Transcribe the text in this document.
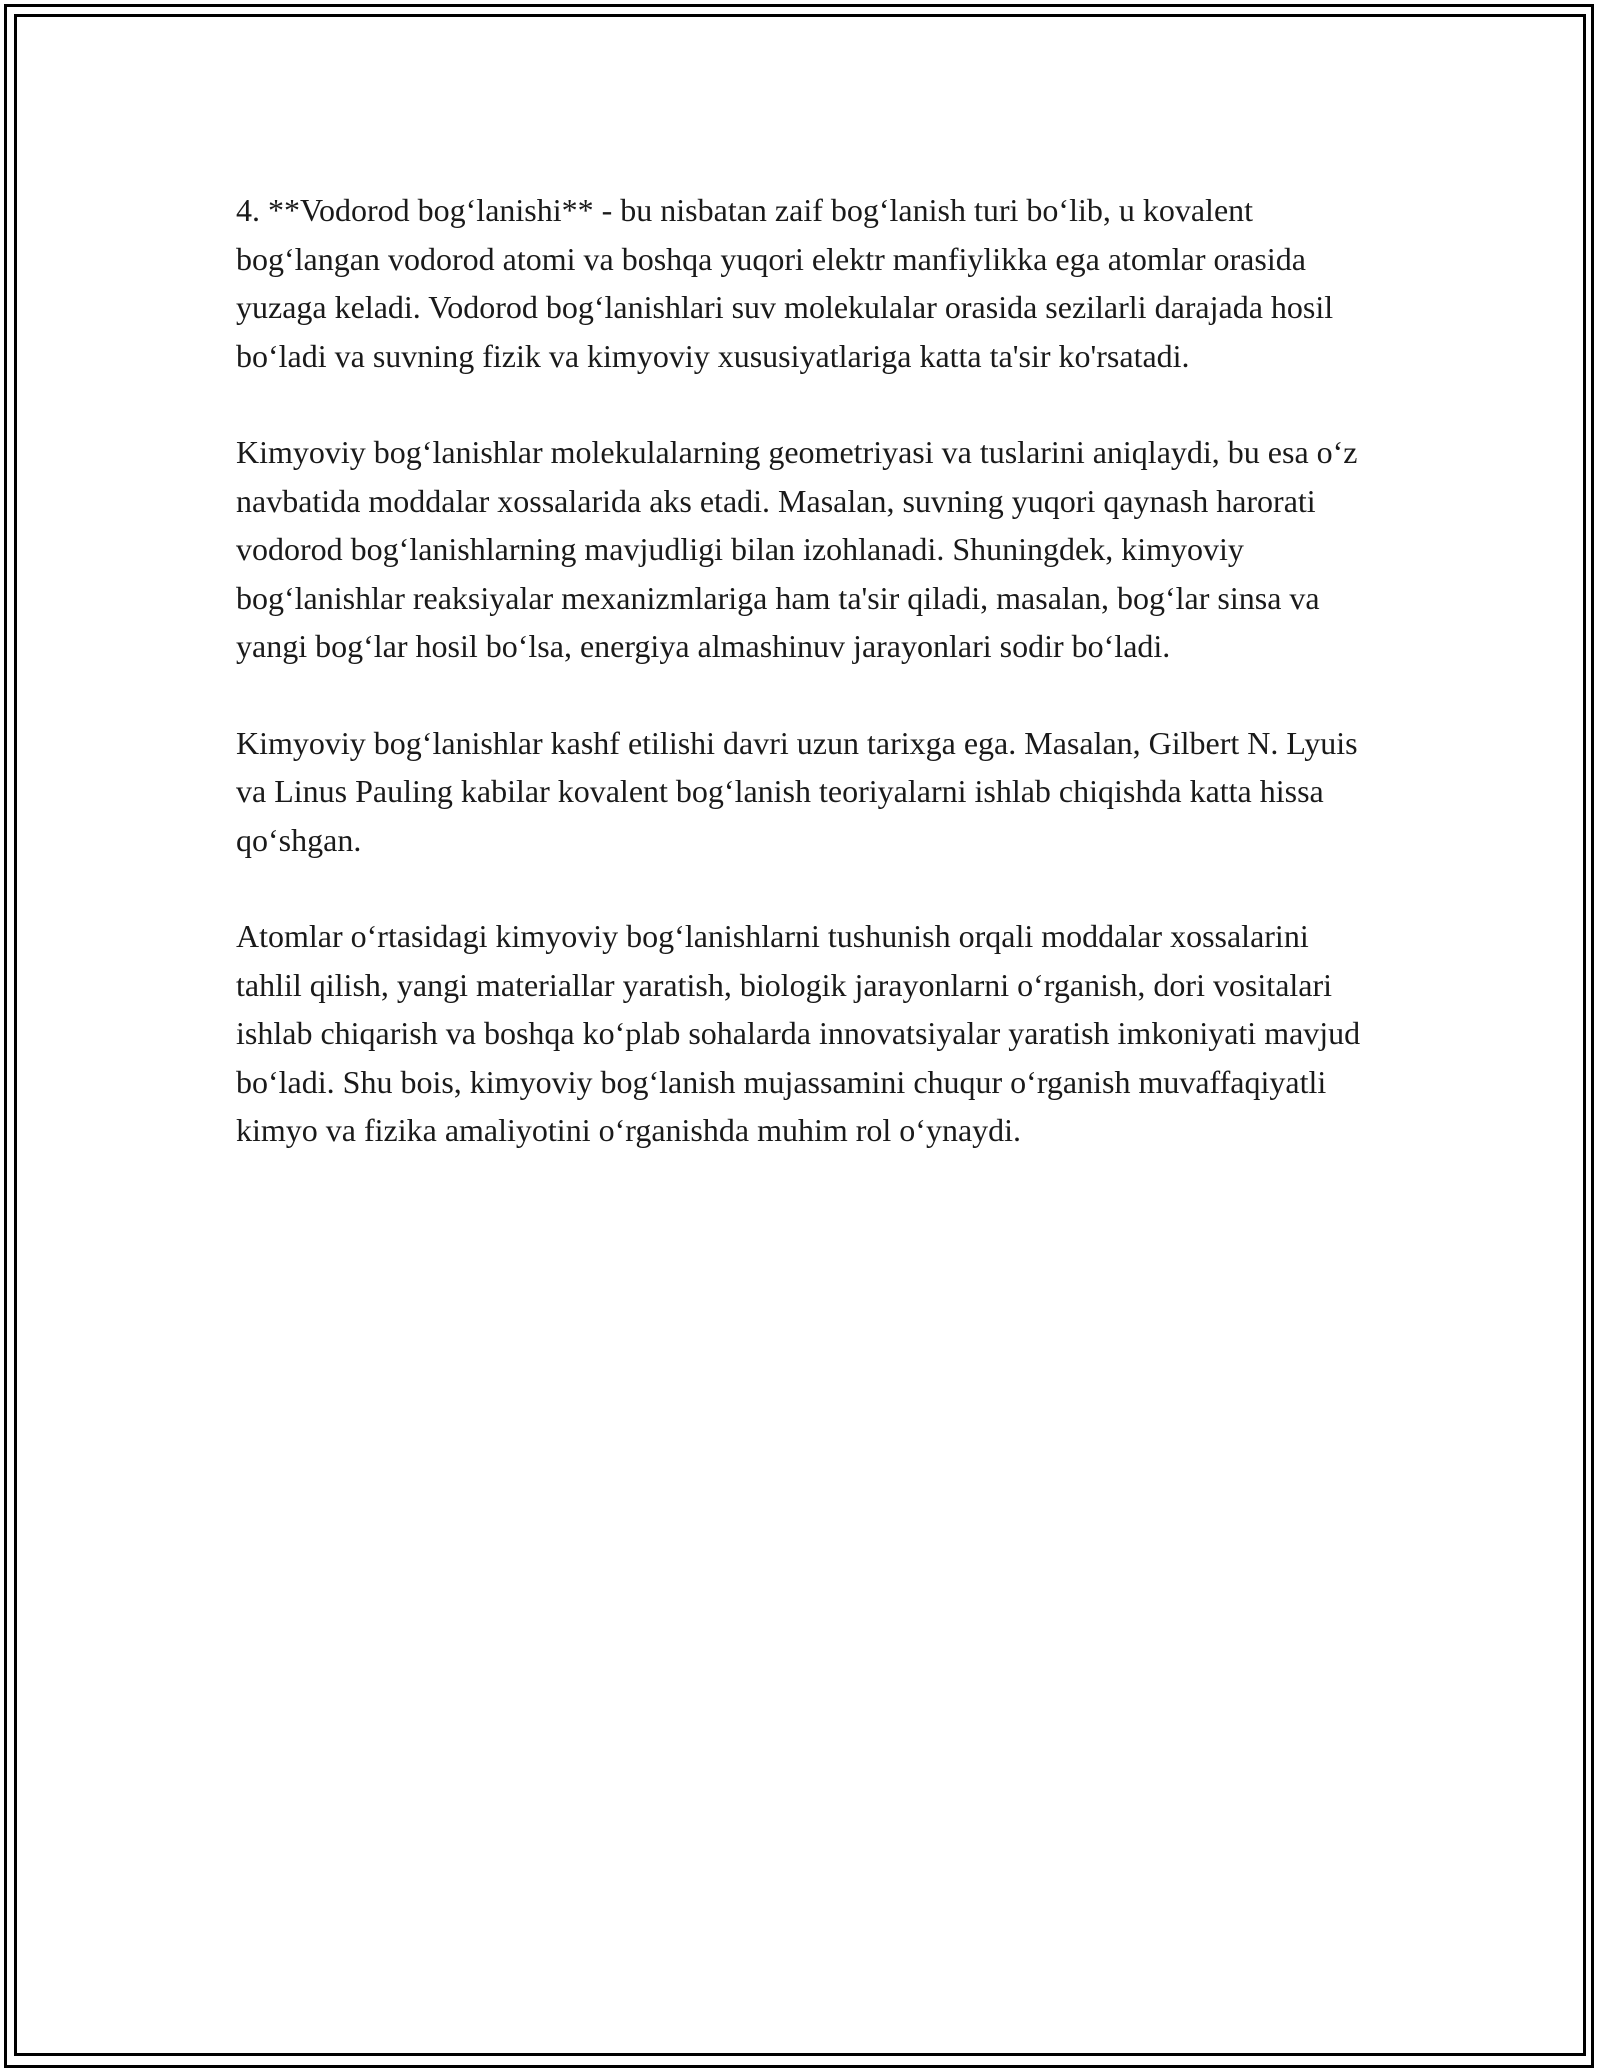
4. **Vodorod bog‘lanishi** - bu nisbatan zaif bog‘lanish turi bo‘lib, u kovalent bog‘langan vodorod atomi va boshqa yuqori elektr manfiylikka ega atomlar orasida yuzaga keladi. Vodorod bog‘lanishlari suv molekulalar orasida sezilarli darajada hosil bo‘ladi va suvning fizik va kimyoviy xususiyatlariga katta ta'sir ko'rsatadi.

Kimyoviy bog‘lanishlar molekulalarning geometriyasi va tuslarini aniqlaydi, bu esa o‘z navbatida moddalar xossalarida aks etadi. Masalan, suvning yuqori qaynash harorati vodorod bog‘lanishlarning mavjudligi bilan izohlanadi. Shuningdek, kimyoviy bog‘lanishlar reaksiyalar mexanizmlariga ham ta'sir qiladi, masalan, bog‘lar sinsa va yangi bog‘lar hosil bo‘lsa, energiya almashinuv jarayonlari sodir bo‘ladi.

Kimyoviy bog‘lanishlar kashf etilishi davri uzun tarixga ega. Masalan, Gilbert N. Lyuis va Linus Pauling kabilar kovalent bog‘lanish teoriyalarni ishlab chiqishda katta hissa qo‘shgan.

Atomlar o‘rtasidagi kimyoviy bog‘lanishlarni tushunish orqali moddalar xossalarini tahlil qilish, yangi materiallar yaratish, biologik jarayonlarni o‘rganish, dori vositalari ishlab chiqarish va boshqa ko‘plab sohalarda innovatsiyalar yaratish imkoniyati mavjud bo‘ladi. Shu bois, kimyoviy bog‘lanish mujassamini chuqur o‘rganish muvaffaqiyatli kimyo va fizika amaliyotini o‘rganishda muhim rol o‘ynaydi.
